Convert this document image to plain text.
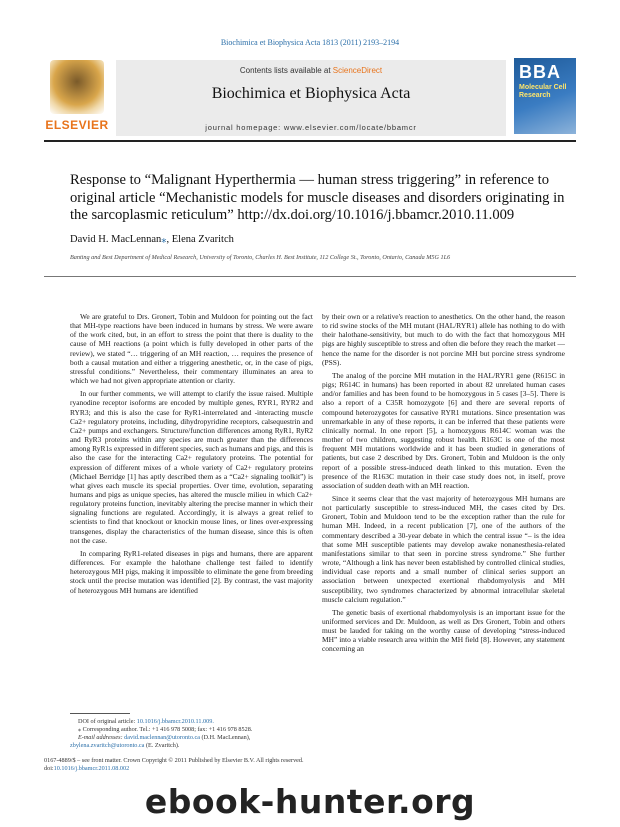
Biochimica et Biophysica Acta 1813 (2011) 2193–2194
ELSEVIER
Contents lists available at ScienceDirect
Biochimica et Biophysica Acta
journal homepage: www.elsevier.com/locate/bbamcr
BBA
Molecular Cell Research
Response to “Malignant Hyperthermia — human stress triggering” in reference to original article “Mechanistic models for muscle diseases and disorders originating in the sarcoplasmic reticulum” http://dx.doi.org/10.1016/j.bbamcr.2010.11.009
David H. MacLennan⁎, Elena Zvaritch
Banting and Best Department of Medical Research, University of Toronto, Charles H. Best Institute, 112 College St., Toronto, Ontario, Canada M5G 1L6

We are grateful to Drs. Gronert, Tobin and Muldoon for pointing out the fact that MH-type reactions have been induced in humans by stress. We were aware of the work cited, but, in an effort to stress the point that there is duality to the cause of MH reactions (a point which is fully developed in other parts of the review), we stated “… triggering of an MH reaction, … requires the presence of both a causal mutation and either a triggering anesthetic, or, in the case of pigs, stressful conditions.” Nevertheless, their commentary illuminates an area to which we had not given appropriate attention or clarity.

In our further comments, we will attempt to clarify the issue raised. Multiple ryanodine receptor isoforms are encoded by multiple genes, RYR1, RYR2 and RYR3; and this is also the case for RyR1-interrelated and -interacting muscle Ca2+ regulatory proteins, including, dihydropyridine receptors, calsequestrin and Ca2+ pumps and exchangers. Structure/function differences among RyR1, RyR2 and RyR3 proteins within any species are much greater than the differences among RyR1s expressed in different species, such as humans and pigs, and this is also the case for the interacting Ca2+ regulatory proteins. The potential for expression of different mixes of a whole variety of Ca2+ regulatory proteins (Michael Berridge [1] has aptly described them as a “Ca2+ signaling toolkit”) is what gives each muscle its special properties. Over time, evolution, separating humans and pigs as unique species, has altered the muscle milieu in which Ca2+ regulatory proteins function, inevitably altering the precise manner in which their signaling functions are regulated. Accordingly, it is always a great relief to scientists to find that knockout or knockin mouse lines, or lines over-expressing transgenes, display the characteristics of the human disease, since this is often not the case.

In comparing RyR1-related diseases in pigs and humans, there are apparent differences. For example the halothane challenge test failed to identify heterozygous MH pigs, making it impossible to eliminate the gene from breeding stock until the precise mutation was identified [2]. By contrast, the vast majority of heterozygous MH humans are identified

by their own or a relative's reaction to anesthetics. On the other hand, the reason to rid swine stocks of the MH mutant (HAL/RYR1) allele has nothing to do with their halothane-sensitivity, but much to do with the fact that homozygous MH pigs are highly susceptible to stress and often die before they reach the market — hence the name for the disorder is not porcine MH but porcine stress syndrome (PSS).

The analog of the porcine MH mutation in the HAL/RYR1 gene (R615C in pigs; R614C in humans) has been reported in about 82 unrelated human cases and/or families and has been found to be homozygous in 5 cases [3–5]. There is also a report of a C35R homozygote [6] and there are several reports of compound heterozygotes for causative RYR1 mutations. Since presentation was unremarkable in any of these reports, it can be inferred that these patients were clinically normal. In one report [5], a homozygous R614C woman was the mother of two children, suggesting robust health. R163C is one of the most frequent MH mutations worldwide and it has been studied in generations of patients, but case 2 described by Drs. Gronert, Tobin and Muldoon is the only report of a possible stress-induced death linked to this mutation. Even the presence of the R163C mutation in their case study does not, in itself, prove association of sudden death with an MH reaction.

Since it seems clear that the vast majority of heterozygous MH humans are not particularly susceptible to stress-induced MH, the cases cited by Drs. Gronert, Tobin and Muldoon tend to be the exception rather than the rule for human MH. Indeed, in a recent publication [7], one of the authors of the commentary described a 30-year debate in which the central issue “– is the idea that some MH susceptible patients may develop awake nonanesthesia-related manifestations similar to that seen in porcine stress syndrome.” She further wrote, “Although a link has never been established by controlled clinical studies, individual case reports and a small number of clinical series support an association between unexpected exertional rhabdomyolysis and MH susceptibility, two syndromes characterized by abnormal intracellular skeletal muscle calcium regulation.”

The genetic basis of exertional rhabdomyolysis is an important issue for the uniformed services and Dr. Muldoon, as well as Drs Gronert, Tobin and others must be lauded for taking on the worthy cause of developing “stress-induced MH” into a viable research area within the MH field [8]. However, any statement concerning an

DOI of original article: 10.1016/j.bbamcr.2010.11.009.
⁎ Corresponding author. Tel.: +1 416 978 5008; fax: +1 416 978 8528.
E-mail addresses: david.maclennan@utoronto.ca (D.H. MacLennan),
zbylena.zvaritch@utoronto.ca (E. Zvaritch).
0167-4889/$ – see front matter. Crown Copyright © 2011 Published by Elsevier B.V. All rights reserved.
doi:10.1016/j.bbamcr.2011.08.002
ebook-hunter.org
